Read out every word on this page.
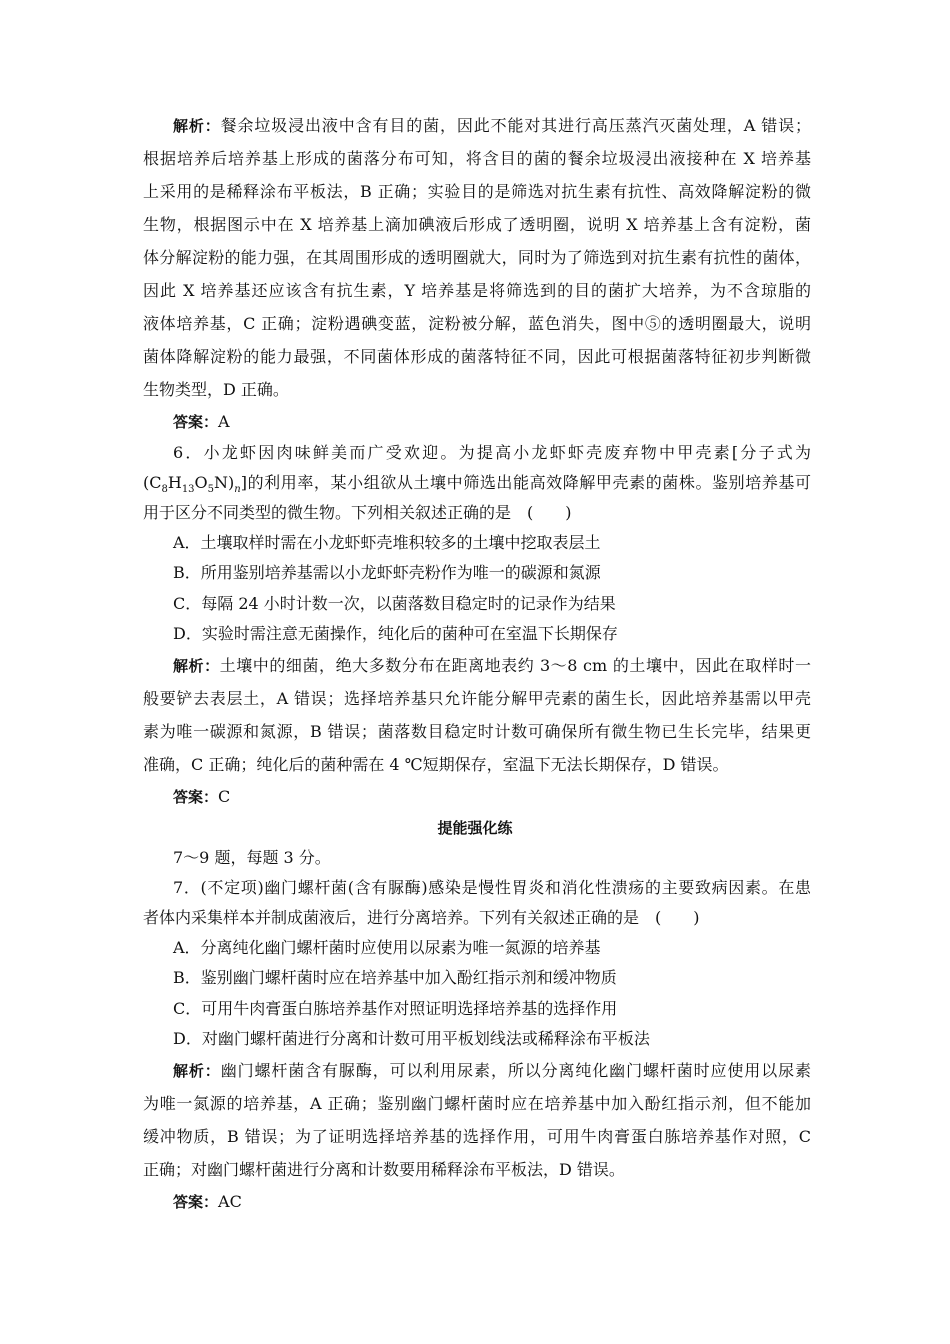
解析：餐余垃圾浸出液中含有目的菌，因此不能对其进行高压蒸汽灭菌处理，A 错误；
根据培养后培养基上形成的菌落分布可知，将含目的菌的餐余垃圾浸出液接种在 X 培养基
上采用的是稀释涂布平板法，B 正确；实验目的是筛选对抗生素有抗性、高效降解淀粉的微
生物，根据图示中在 X 培养基上滴加碘液后形成了透明圈，说明 X 培养基上含有淀粉，菌
体分解淀粉的能力强，在其周围形成的透明圈就大，同时为了筛选到对抗生素有抗性的菌体，
因此 X 培养基还应该含有抗生素，Y 培养基是将筛选到的目的菌扩大培养，为不含琼脂的
液体培养基，C 正确；淀粉遇碘变蓝，淀粉被分解，蓝色消失，图中⑤的透明圈最大，说明
菌体降解淀粉的能力最强，不同菌体形成的菌落特征不同，因此可根据菌落特征初步判断微
生物类型，D 正确。
答案：A
6．小龙虾因肉味鲜美而广受欢迎。为提高小龙虾虾壳废弃物中甲壳素[分子式为
$(C_8H_{13}O_5N)_n$]的利用率，某小组欲从土壤中筛选出能高效降解甲壳素的菌株。鉴别培养基可
用于区分不同类型的微生物。下列相关叙述正确的是　(　　)
A．土壤取样时需在小龙虾虾壳堆积较多的土壤中挖取表层土
B．所用鉴别培养基需以小龙虾虾壳粉作为唯一的碳源和氮源
C．每隔 24 小时计数一次，以菌落数目稳定时的记录作为结果
D．实验时需注意无菌操作，纯化后的菌种可在室温下长期保存
解析：土壤中的细菌，绝大多数分布在距离地表约 3～8 cm 的土壤中，因此在取样时一
般要铲去表层土，A 错误；选择培养基只允许能分解甲壳素的菌生长，因此培养基需以甲壳
素为唯一碳源和氮源，B 错误；菌落数目稳定时计数可确保所有微生物已生长完毕，结果更
准确，C 正确；纯化后的菌种需在 4 ℃短期保存，室温下无法长期保存，D 错误。
答案：C
提能强化练
7～9 题，每题 3 分。
7．(不定项)幽门螺杆菌(含有脲酶)感染是慢性胃炎和消化性溃疡的主要致病因素。在患
者体内采集样本并制成菌液后，进行分离培养。下列有关叙述正确的是　(　　)
A．分离纯化幽门螺杆菌时应使用以尿素为唯一氮源的培养基
B．鉴别幽门螺杆菌时应在培养基中加入酚红指示剂和缓冲物质
C．可用牛肉膏蛋白胨培养基作对照证明选择培养基的选择作用
D．对幽门螺杆菌进行分离和计数可用平板划线法或稀释涂布平板法
解析：幽门螺杆菌含有脲酶，可以利用尿素，所以分离纯化幽门螺杆菌时应使用以尿素
为唯一氮源的培养基，A 正确；鉴别幽门螺杆菌时应在培养基中加入酚红指示剂，但不能加
缓冲物质，B 错误；为了证明选择培养基的选择作用，可用牛肉膏蛋白胨培养基作对照，C
正确；对幽门螺杆菌进行分离和计数要用稀释涂布平板法，D 错误。
答案：AC
